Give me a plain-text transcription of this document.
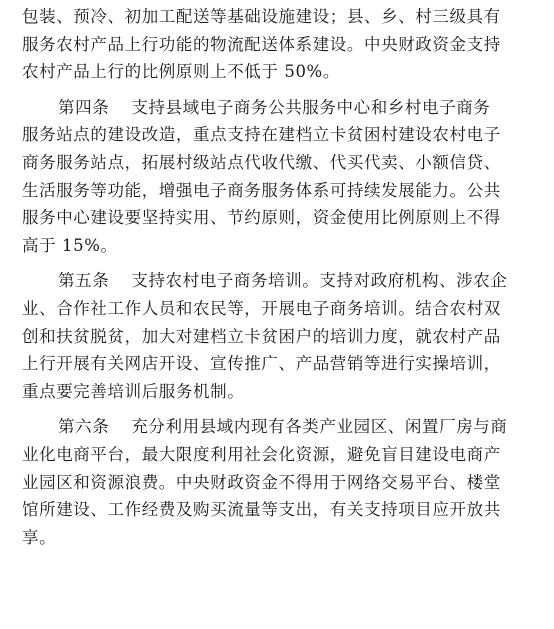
包装、预冷、初加工配送等基础设施建设；县、乡、村三级具有
服务农村产品上行功能的物流配送体系建设。中央财政资金支持
农村产品上行的比例原则上不低于 50%。

第四条 支持县域电子商务公共服务中心和乡村电子商务
服务站点的建设改造，重点支持在建档立卡贫困村建设农村电子
商务服务站点，拓展村级站点代收代缴、代买代卖、小额信贷、
生活服务等功能，增强电子商务服务体系可持续发展能力。公共
服务中心建设要坚持实用、节约原则，资金使用比例原则上不得
高于 15%。

第五条 支持农村电子商务培训。支持对政府机构、涉农企
业、合作社工作人员和农民等，开展电子商务培训。结合农村双
创和扶贫脱贫，加大对建档立卡贫困户的培训力度，就农村产品
上行开展有关网店开设、宣传推广、产品营销等进行实操培训，
重点要完善培训后服务机制。

第六条 充分利用县域内现有各类产业园区、闲置厂房与商
业化电商平台，最大限度利用社会化资源，避免盲目建设电商产
业园区和资源浪费。中央财政资金不得用于网络交易平台、楼堂
馆所建设、工作经费及购买流量等支出，有关支持项目应开放共
享。
